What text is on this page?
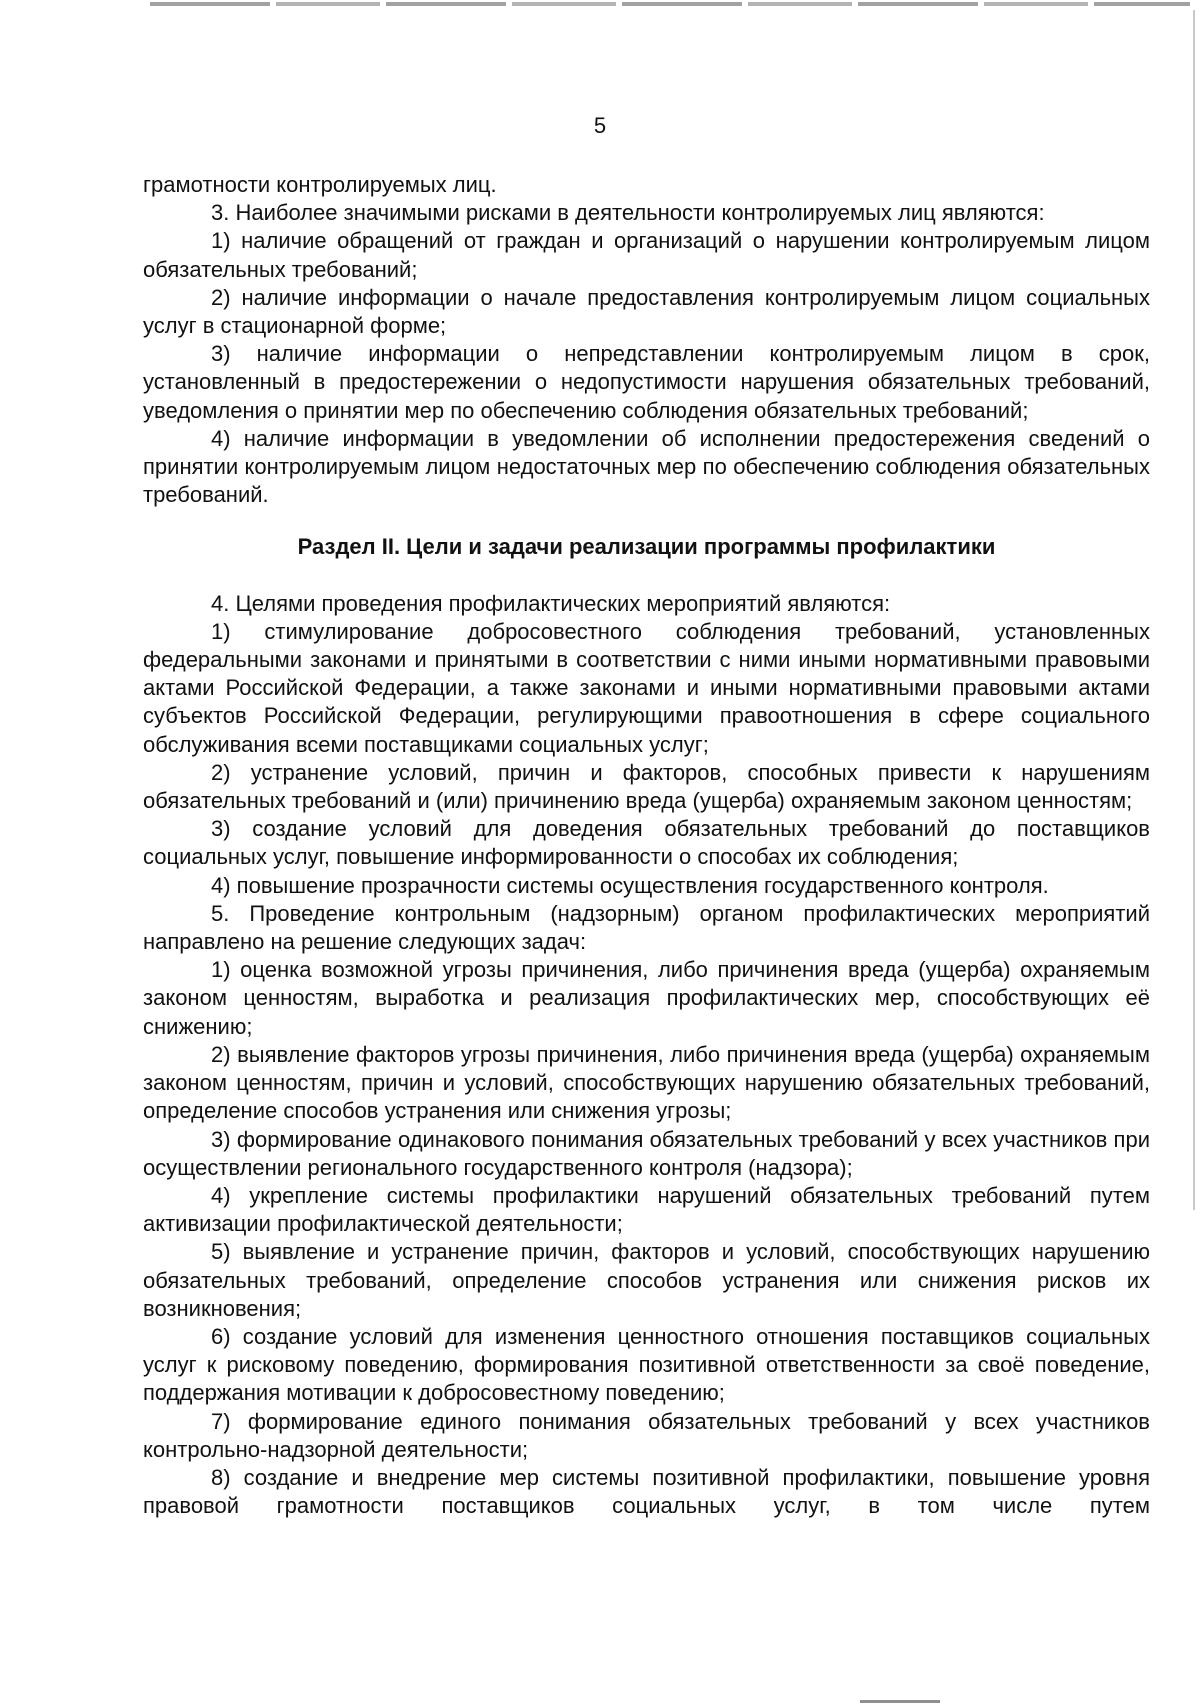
5

грамотности контролируемых лиц.

3. Наиболее значимыми рисками в деятельности контролируемых лиц являются:

1) наличие обращений от граждан и организаций о нарушении контролируемым лицом обязательных требований;

2) наличие информации о начале предоставления контролируемым лицом социальных услуг в стационарной форме;

3) наличие информации о непредставлении контролируемым лицом в срок, установленный в предостережении о недопустимости нарушения обязательных требований, уведомления о принятии мер по обеспечению соблюдения обязательных требований;

4) наличие информации в уведомлении об исполнении предостережения сведений о принятии контролируемым лицом недостаточных мер по обеспечению соблюдения обязательных требований.

Раздел II. Цели и задачи реализации программы профилактики

4. Целями проведения профилактических мероприятий являются:

1) стимулирование добросовестного соблюдения требований, установленных федеральными законами и принятыми в соответствии с ними иными нормативными правовыми актами Российской Федерации, а также законами и иными нормативными правовыми актами субъектов Российской Федерации, регулирующими правоотношения в сфере социального обслуживания всеми поставщиками социальных услуг;

2) устранение условий, причин и факторов, способных привести к нарушениям обязательных требований и (или) причинению вреда (ущерба) охраняемым законом ценностям;

3) создание условий для доведения обязательных требований до поставщиков социальных услуг, повышение информированности о способах их соблюдения;

4) повышение прозрачности системы осуществления государственного контроля.

5. Проведение контрольным (надзорным) органом профилактических мероприятий направлено на решение следующих задач:

1) оценка возможной угрозы причинения, либо причинения вреда (ущерба) охраняемым законом ценностям, выработка и реализация профилактических мер, способствующих её снижению;

2) выявление факторов угрозы причинения, либо причинения вреда (ущерба) охраняемым законом ценностям, причин и условий, способствующих нарушению обязательных требований, определение способов устранения или снижения угрозы;

3) формирование одинакового понимания обязательных требований у всех участников при осуществлении регионального государственного контроля (надзора);

4) укрепление системы профилактики нарушений обязательных требований путем активизации профилактической деятельности;

5) выявление и устранение причин, факторов и условий, способствующих нарушению обязательных требований, определение способов устранения или снижения рисков их возникновения;

6) создание условий для изменения ценностного отношения поставщиков социальных услуг к рисковому поведению, формирования позитивной ответственности за своё поведение, поддержания мотивации к добросовестному поведению;

7) формирование единого понимания обязательных требований у всех участников контрольно-надзорной деятельности;

8) создание и внедрение мер системы позитивной профилактики, повышение уровня правовой грамотности поставщиков социальных услуг, в том числе путем
